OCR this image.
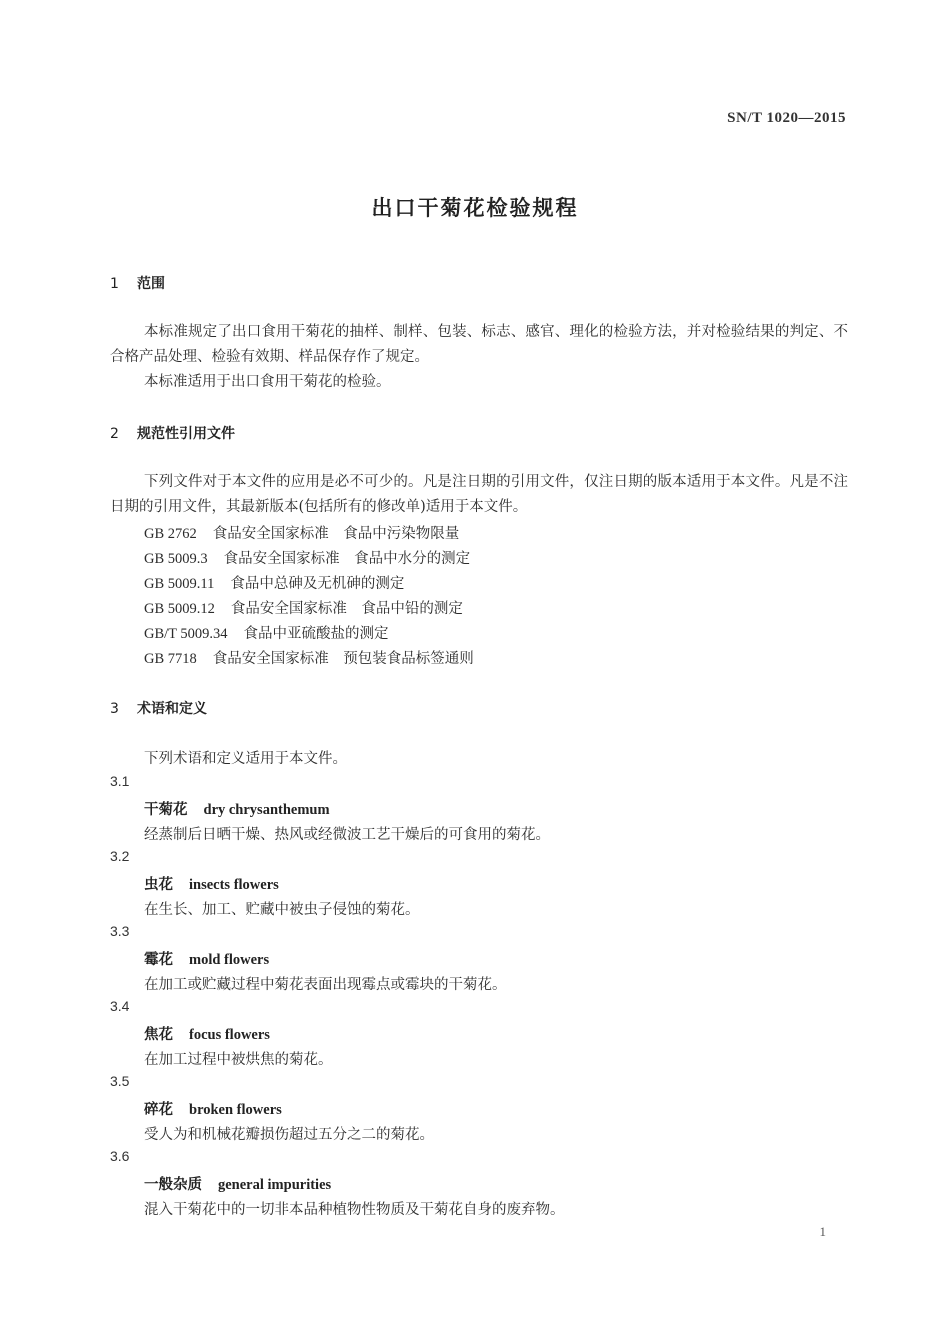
SN/T 1020—2015
出口干菊花检验规程
1 范围

本标准规定了出口食用干菊花的抽样、制样、包装、标志、感官、理化的检验方法，并对检验结果的判定、不合格产品处理、检验有效期、样品保存作了规定。

本标准适用于出口食用干菊花的检验。

2 规范性引用文件

下列文件对于本文件的应用是必不可少的。凡是注日期的引用文件，仅注日期的版本适用于本文件。凡是不注日期的引用文件，其最新版本(包括所有的修改单)适用于本文件。

GB 2762 食品安全国家标准　食品中污染物限量
GB 5009.3 食品安全国家标准　食品中水分的测定
GB 5009.11 食品中总砷及无机砷的测定
GB 5009.12 食品安全国家标准　食品中铅的测定
GB/T 5009.34 食品中亚硫酸盐的测定
GB 7718 食品安全国家标准　预包装食品标签通则
3 术语和定义
下列术语和定义适用于本文件。
3.1
干菊花 dry chrysanthemum
经蒸制后日晒干燥、热风或经微波工艺干燥后的可食用的菊花。
3.2
虫花 insects flowers
在生长、加工、贮藏中被虫子侵蚀的菊花。
3.3
霉花 mold flowers
在加工或贮藏过程中菊花表面出现霉点或霉块的干菊花。
3.4
焦花 focus flowers
在加工过程中被烘焦的菊花。
3.5
碎花 broken flowers
受人为和机械花瓣损伤超过五分之二的菊花。
3.6
一般杂质 general impurities
混入干菊花中的一切非本品种植物性物质及干菊花自身的废弃物。
1
